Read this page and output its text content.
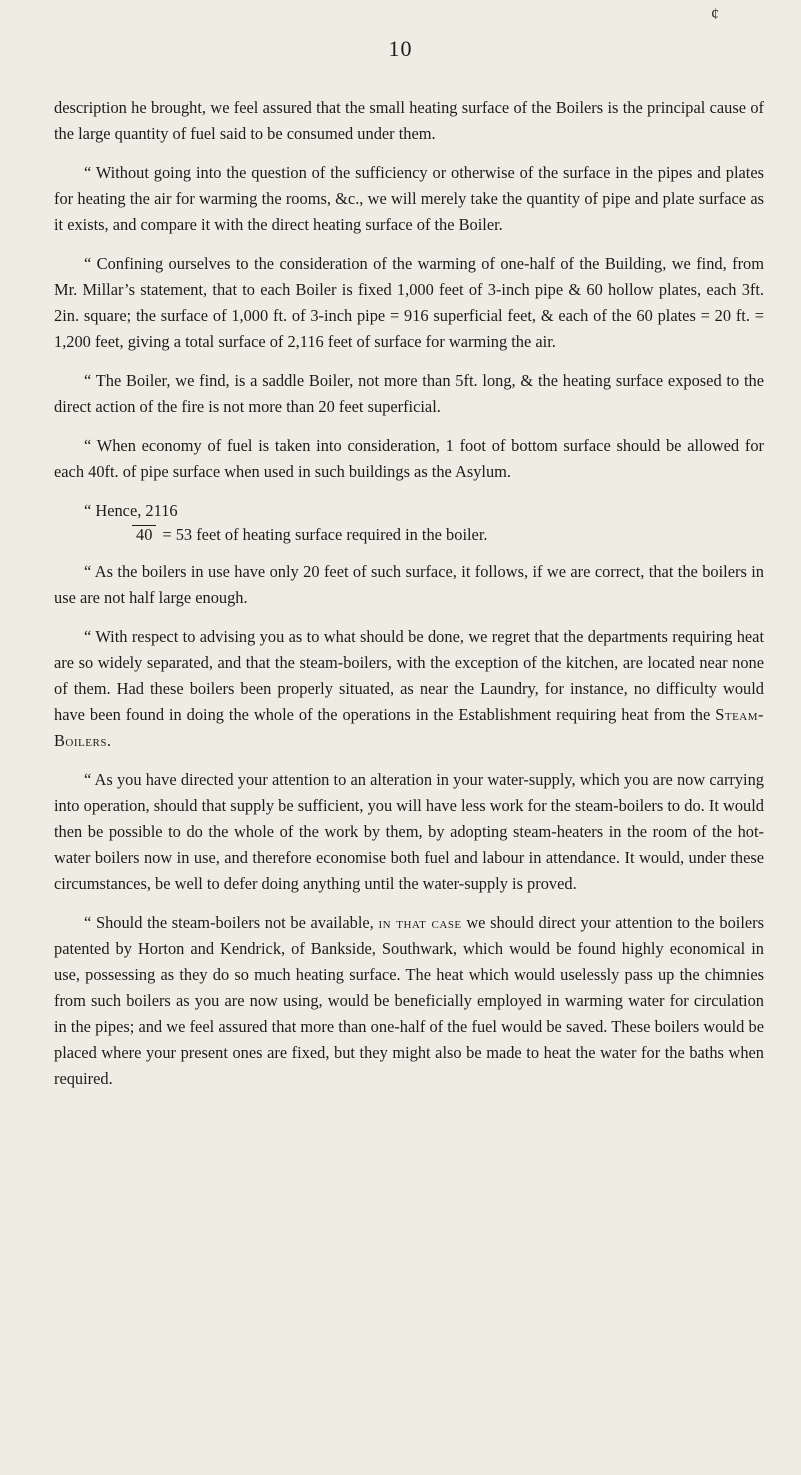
¢
10

description he brought, we feel assured that the small heating surface of the Boilers is the principal cause of the large quantity of fuel said to be consumed under them.

“ Without going into the question of the sufficiency or otherwise of the surface in the pipes and plates for heating the air for warming the rooms, &c., we will merely take the quantity of pipe and plate surface as it exists, and compare it with the direct heating surface of the Boiler.

“ Confining ourselves to the consideration of the warming of one-half of the Building, we find, from Mr. Millar’s statement, that to each Boiler is fixed 1,000 feet of 3-inch pipe & 60 hollow plates, each 3ft. 2in. square; the surface of 1,000 ft. of 3-inch pipe = 916 superficial feet, & each of the 60 plates = 20 ft. = 1,200 feet, giving a total surface of 2,116 feet of surface for warming the air.

“ The Boiler, we find, is a saddle Boiler, not more than 5ft. long, & the heating surface exposed to the direct action of the fire is not more than 20 feet superficial.

“ When economy of fuel is taken into consideration, 1 foot of bottom surface should be allowed for each 40ft. of pipe surface when used in such buildings as the Asylum.

“ Hence, 2116
40 = 53 feet of heating surface required in the boiler.

“ As the boilers in use have only 20 feet of such surface, it follows, if we are correct, that the boilers in use are not half large enough.

“ With respect to advising you as to what should be done, we regret that the departments requiring heat are so widely separated, and that the steam-boilers, with the exception of the kitchen, are located near none of them. Had these boilers been properly situated, as near the Laundry, for instance, no difficulty would have been found in doing the whole of the operations in the Establishment requiring heat from the Steam-Boilers.

“ As you have directed your attention to an alteration in your water-supply, which you are now carrying into operation, should that supply be sufficient, you will have less work for the steam-boilers to do. It would then be possible to do the whole of the work by them, by adopting steam-heaters in the room of the hot-water boilers now in use, and therefore economise both fuel and labour in attendance. It would, under these circumstances, be well to defer doing anything until the water-supply is proved.

“ Should the steam-boilers not be available, in that case we should direct your attention to the boilers patented by Horton and Kendrick, of Bankside, Southwark, which would be found highly economical in use, possessing as they do so much heating surface. The heat which would uselessly pass up the chimnies from such boilers as you are now using, would be beneficially employed in warming water for circulation in the pipes; and we feel assured that more than one-half of the fuel would be saved. These boilers would be placed where your present ones are fixed, but they might also be made to heat the water for the baths when required.
